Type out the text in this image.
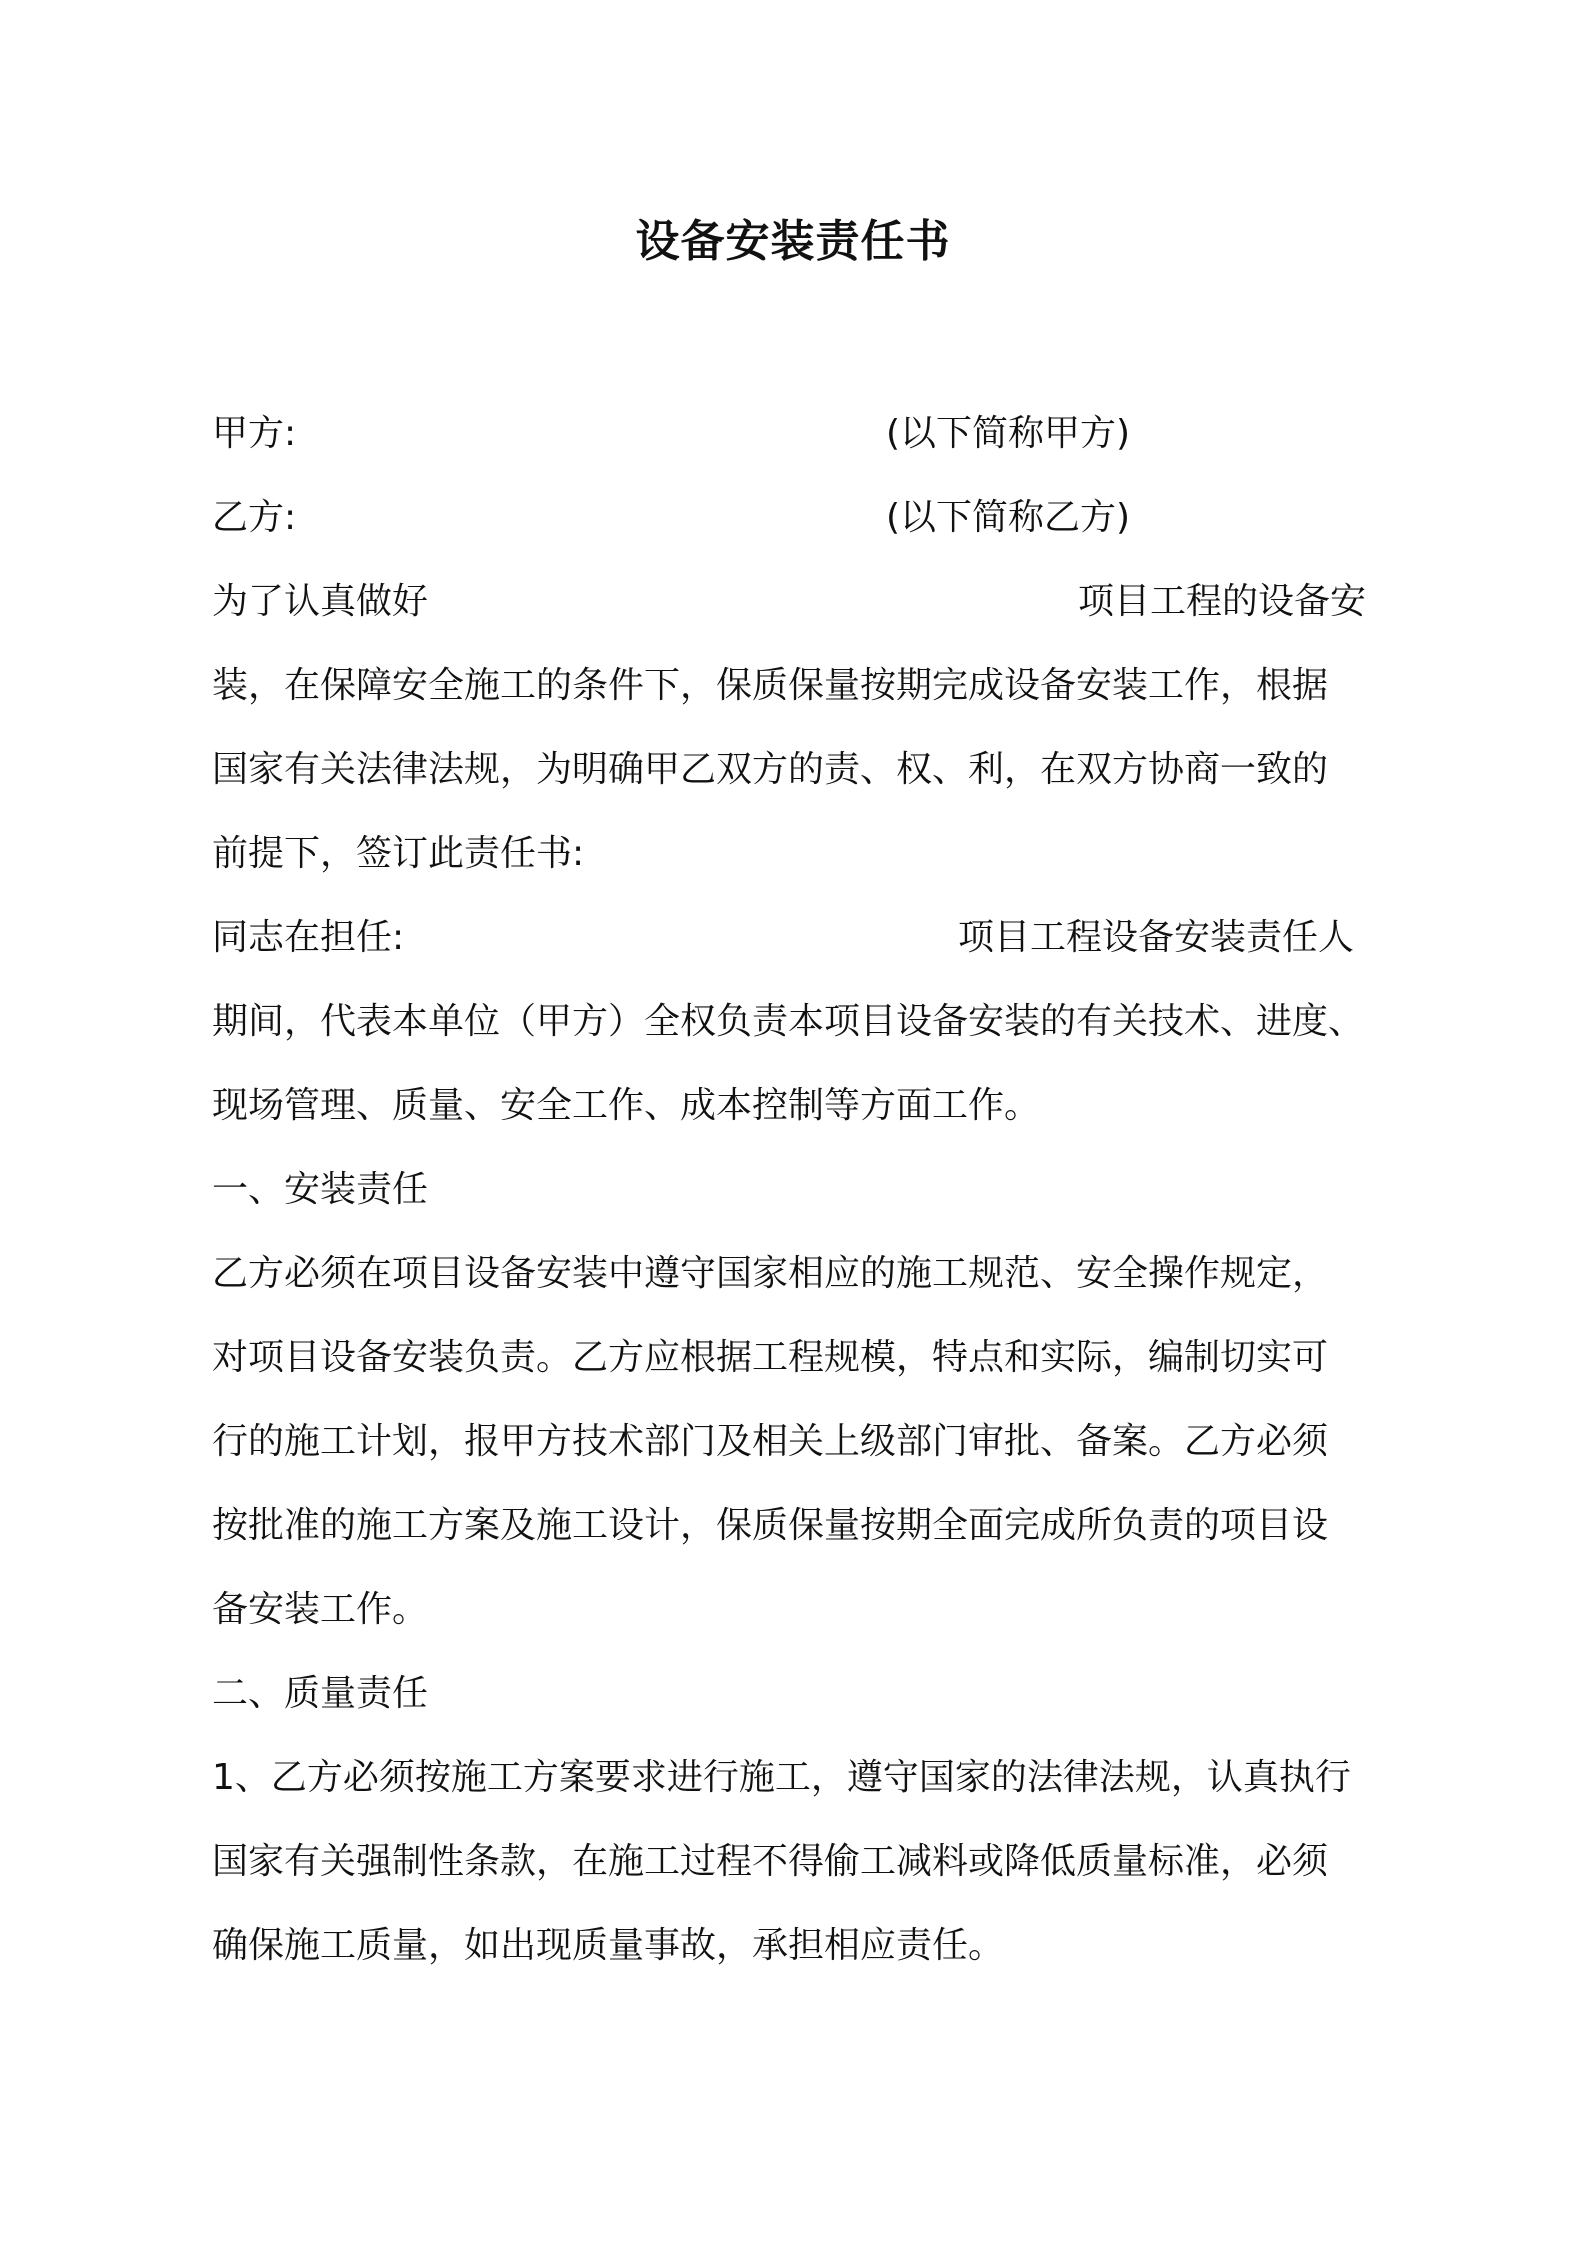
设备安装责任书

甲方:	(以下简称甲方)

乙方:	(以下简称乙方)

为了认真做好	项目工程的设备安

装，在保障安全施工的条件下，保质保量按期完成设备安装工作，根据

国家有关法律法规，为明确甲乙双方的责、权、利，在双方协商一致的

前提下，签订此责任书:

同志在担任:	项目工程设备安装责任人

期间，代表本单位（甲方）全权负责本项目设备安装的有关技术、进度、

现场管理、质量、安全工作、成本控制等方面工作。

一、安装责任

乙方必须在项目设备安装中遵守国家相应的施工规范、安全操作规定，

对项目设备安装负责。乙方应根据工程规模，特点和实际，编制切实可

行的施工计划，报甲方技术部门及相关上级部门审批、备案。乙方必须

按批准的施工方案及施工设计，保质保量按期全面完成所负责的项目设

备安装工作。

二、质量责任

1、乙方必须按施工方案要求进行施工，遵守国家的法律法规，认真执行

国家有关强制性条款，在施工过程不得偷工减料或降低质量标准，必须

确保施工质量，如出现质量事故，承担相应责任。
